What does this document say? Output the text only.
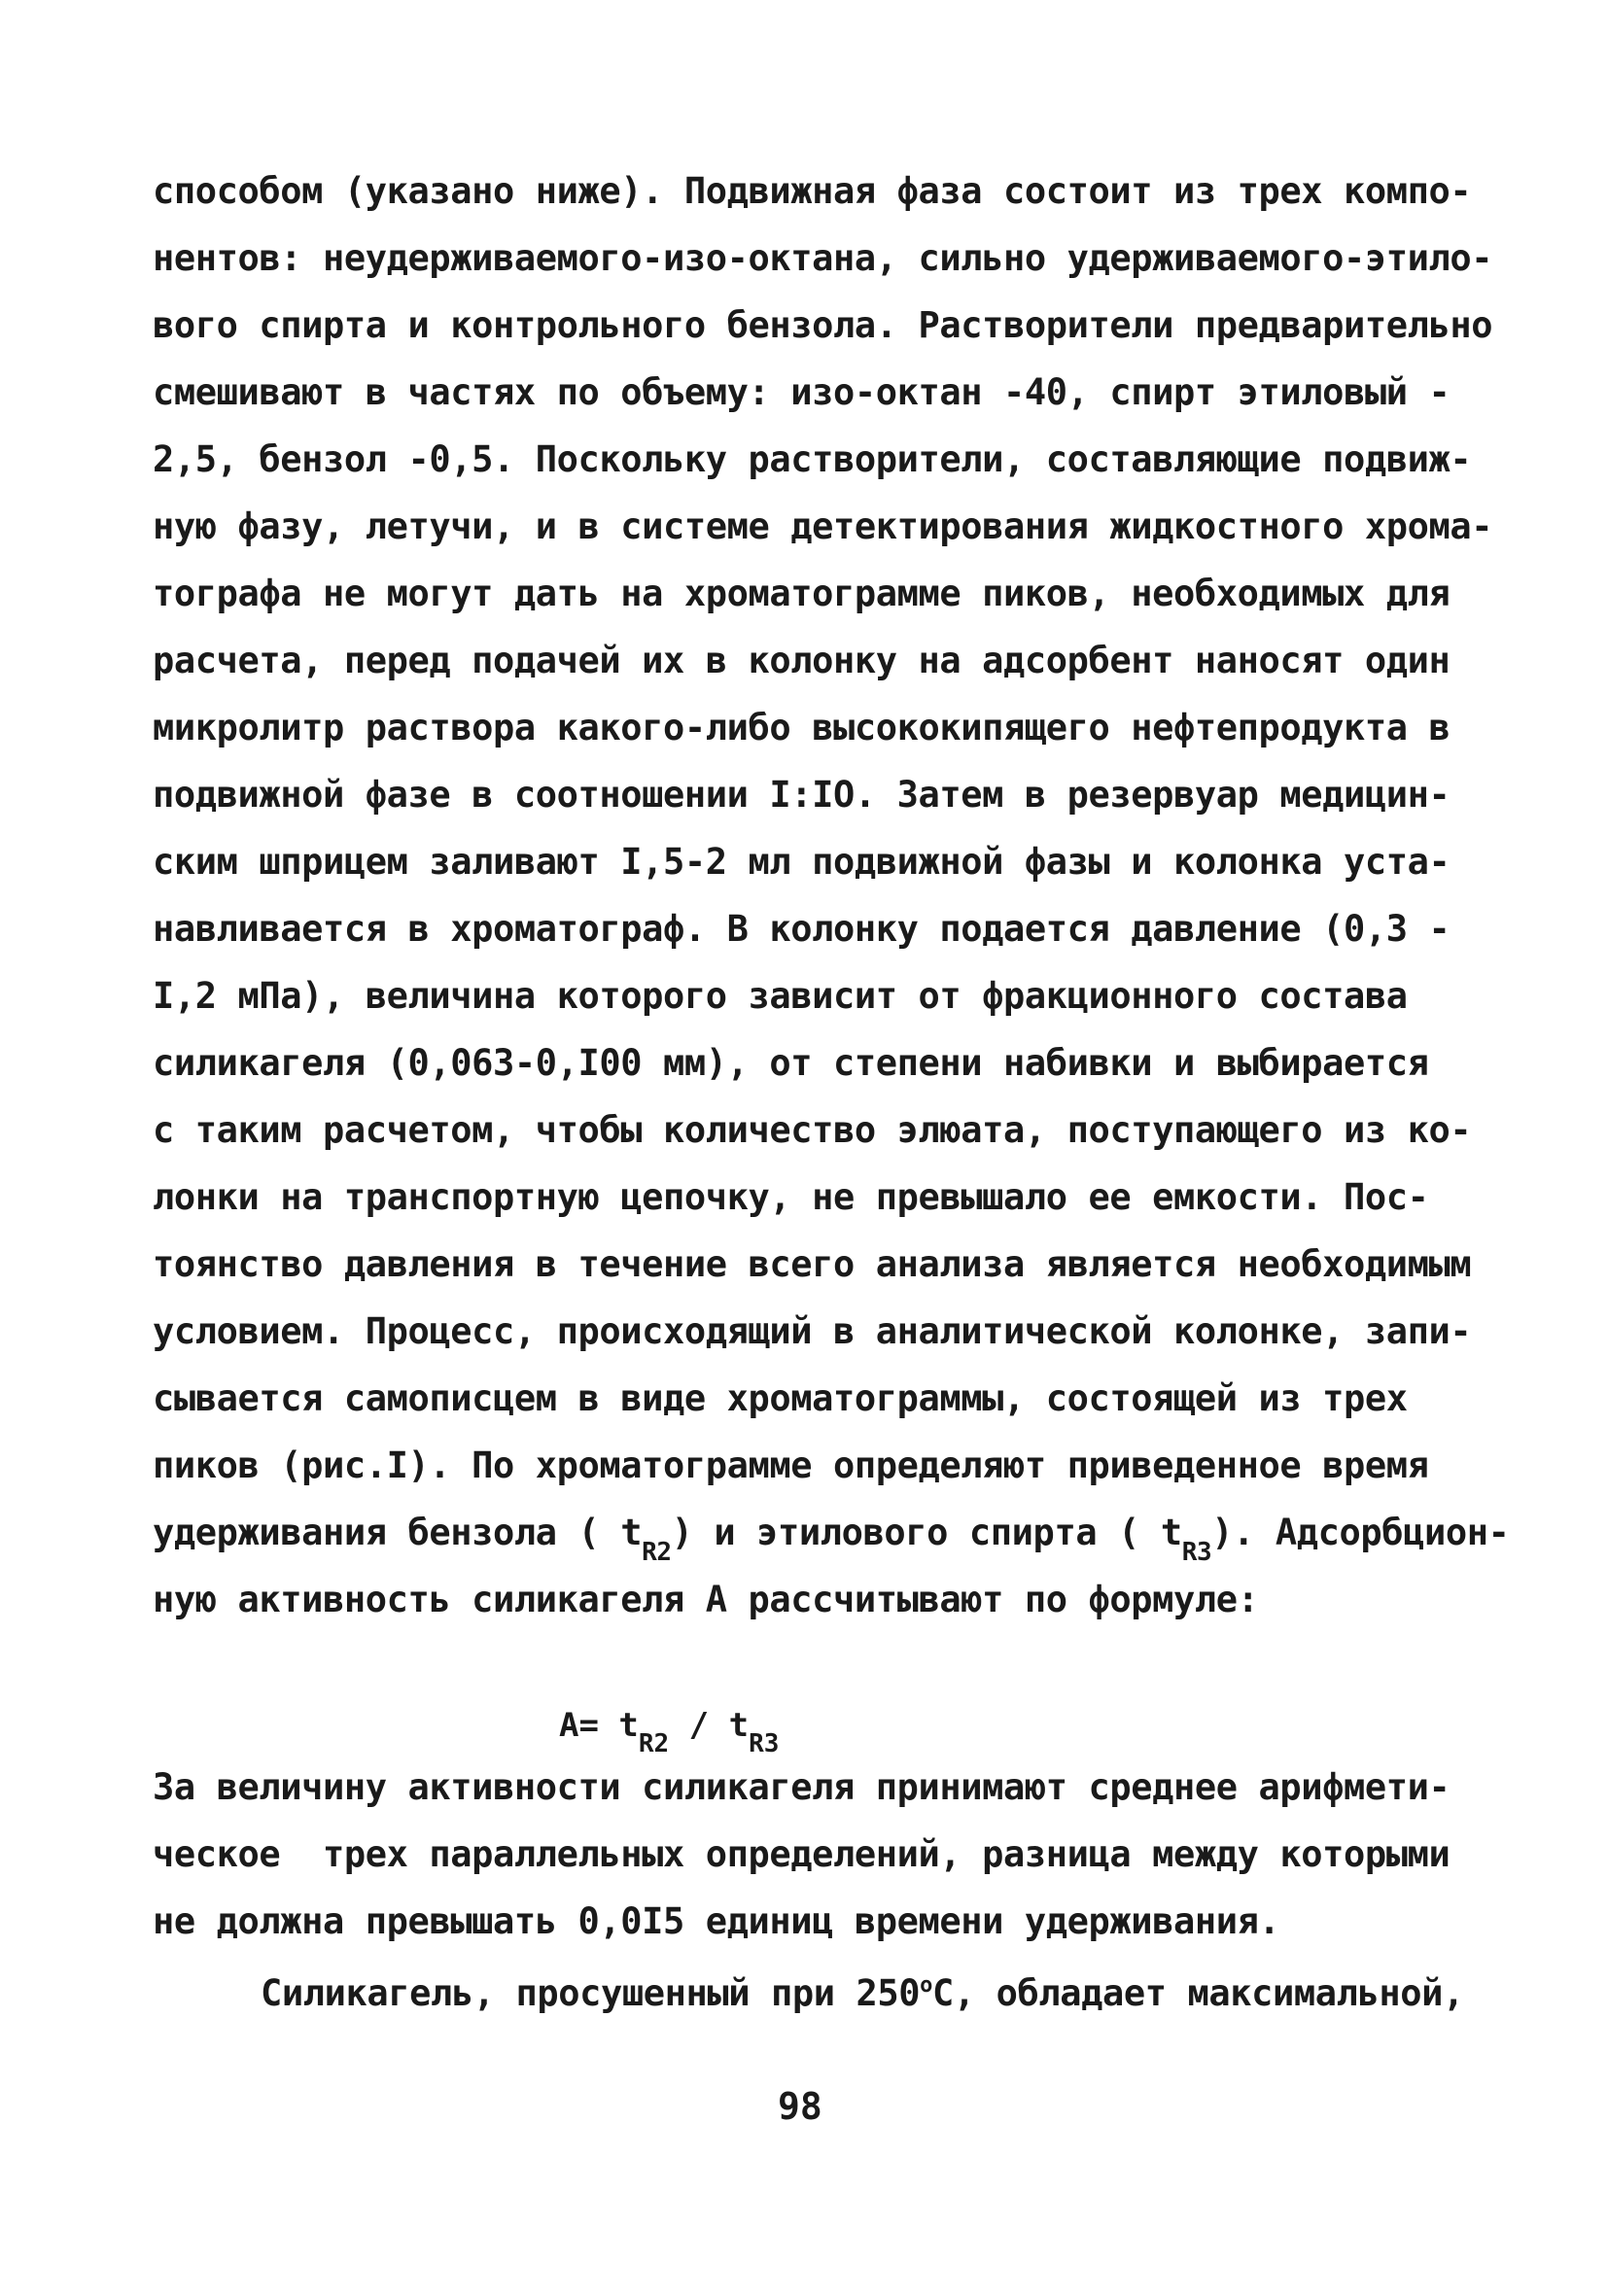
способом (указано ниже). Подвижная фаза состоит из трех компо-
нентов: неудерживаемого-изо-октана, сильно удерживаемого-этило-
вого спирта и контрольного бензола. Растворители предварительно
смешивают в частях по объему: изо-октан -40, спирт этиловый -
2,5, бензол -0,5. Поскольку растворители, составляющие подвиж-
ную фазу, летучи, и в системе детектирования жидкостного хрома-
тографа не могут дать на хроматограмме пиков, необходимых для
расчета, перед подачей их в колонку на адсорбент наносят один
микролитр раствора какого-либо высококипящего нефтепродукта в
подвижной фазе в соотношении I:IO. Затем в резервуар медицин-
ским шприцем заливают I,5-2 мл подвижной фазы и колонка уста-
навливается в хроматограф. В колонку подается давление (0,3 -
I,2 мПа), величина которого зависит от фракционного состава
силикагеля (0,063-0,I00 мм), от степени набивки и выбирается
с таким расчетом, чтобы количество элюата, поступающего из ко-
лонки на транспортную цепочку, не превышало ее емкости. Пос-
тоянство давления в течение всего анализа является необходимым
условием. Процесс, происходящий в аналитической колонке, запи-
сывается самописцем в виде хроматограммы, состоящей из трех
пиков (рис.I). По хроматограмме определяют приведенное время
удерживания бензола ( $t_{R2}$) и этилового спирта ( $t_{R3}$). Адсорбцион-
ную активность силикагеля А рассчитывают по формуле:
$A= t_{R2} / t_{R3}$
За величину активности силикагеля принимают среднее арифмети-
ческое  трех параллельных определений, разница между которыми
не должна превышать 0,0I5 единиц времени удерживания.
Силикагель, просушенный при 250$^o$С, обладает максимальной,
98
